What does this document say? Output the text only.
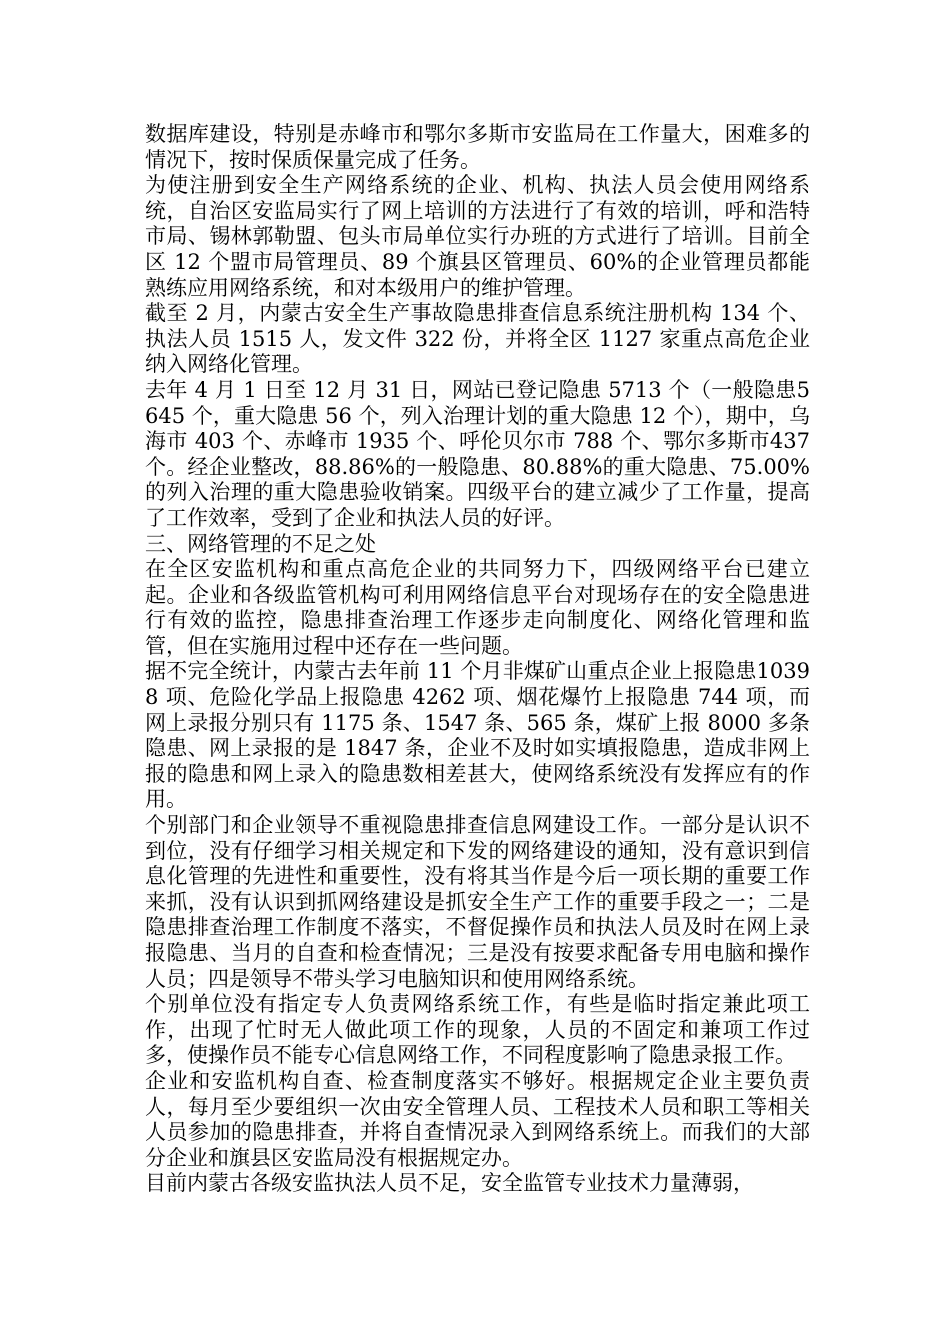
数据库建设，特别是赤峰市和鄂尔多斯市安监局在工作量大，困难多的情况下，按时保质保量完成了任务。

为使注册到安全生产网络系统的企业、机构、执法人员会使用网络系统，自治区安监局实行了网上培训的方法进行了有效的培训，呼和浩特市局、锡林郭勒盟、包头市局单位实行办班的方式进行了培训。目前全区 12 个盟市局管理员、89 个旗县区管理员、60%的企业管理员都能熟练应用网络系统，和对本级用户的维护管理。

截至 2 月，内蒙古安全生产事故隐患排查信息系统注册机构 134 个、执法人员 1515 人，发文件 322 份，并将全区 1127 家重点高危企业纳入网络化管理。

去年 4 月 1 日至 12 月 31 日，网站已登记隐患 5713 个（一般隐患5645 个，重大隐患 56 个，列入治理计划的重大隐患 12 个），期中，乌海市 403 个、赤峰市 1935 个、呼伦贝尔市 788 个、鄂尔多斯市437 个。经企业整改，88.86%的一般隐患、80.88%的重大隐患、75.00%的列入治理的重大隐患验收销案。四级平台的建立减少了工作量，提高了工作效率，受到了企业和执法人员的好评。

三、网络管理的不足之处

在全区安监机构和重点高危企业的共同努力下，四级网络平台已建立起。企业和各级监管机构可利用网络信息平台对现场存在的安全隐患进行有效的监控，隐患排查治理工作逐步走向制度化、网络化管理和监管，但在实施用过程中还存在一些问题。

据不完全统计，内蒙古去年前 11 个月非煤矿山重点企业上报隐患10398 项、危险化学品上报隐患 4262 项、烟花爆竹上报隐患 744 项，而网上录报分别只有 1175 条、1547 条、565 条，煤矿上报 8000 多条隐患、网上录报的是 1847 条，企业不及时如实填报隐患，造成非网上报的隐患和网上录入的隐患数相差甚大，使网络系统没有发挥应有的作用。

个别部门和企业领导不重视隐患排查信息网建设工作。一部分是认识不到位，没有仔细学习相关规定和下发的网络建设的通知，没有意识到信息化管理的先进性和重要性，没有将其当作是今后一项长期的重要工作来抓，没有认识到抓网络建设是抓安全生产工作的重要手段之一；二是隐患排查治理工作制度不落实，不督促操作员和执法人员及时在网上录报隐患、当月的自查和检查情况；三是没有按要求配备专用电脑和操作人员；四是领导不带头学习电脑知识和使用网络系统。

个别单位没有指定专人负责网络系统工作，有些是临时指定兼此项工作，出现了忙时无人做此项工作的现象，人员的不固定和兼项工作过多，使操作员不能专心信息网络工作，不同程度影响了隐患录报工作。

企业和安监机构自查、检查制度落实不够好。根据规定企业主要负责人，每月至少要组织一次由安全管理人员、工程技术人员和职工等相关人员参加的隐患排查，并将自查情况录入到网络系统上。而我们的大部分企业和旗县区安监局没有根据规定办。

目前内蒙古各级安监执法人员不足，安全监管专业技术力量薄弱，
